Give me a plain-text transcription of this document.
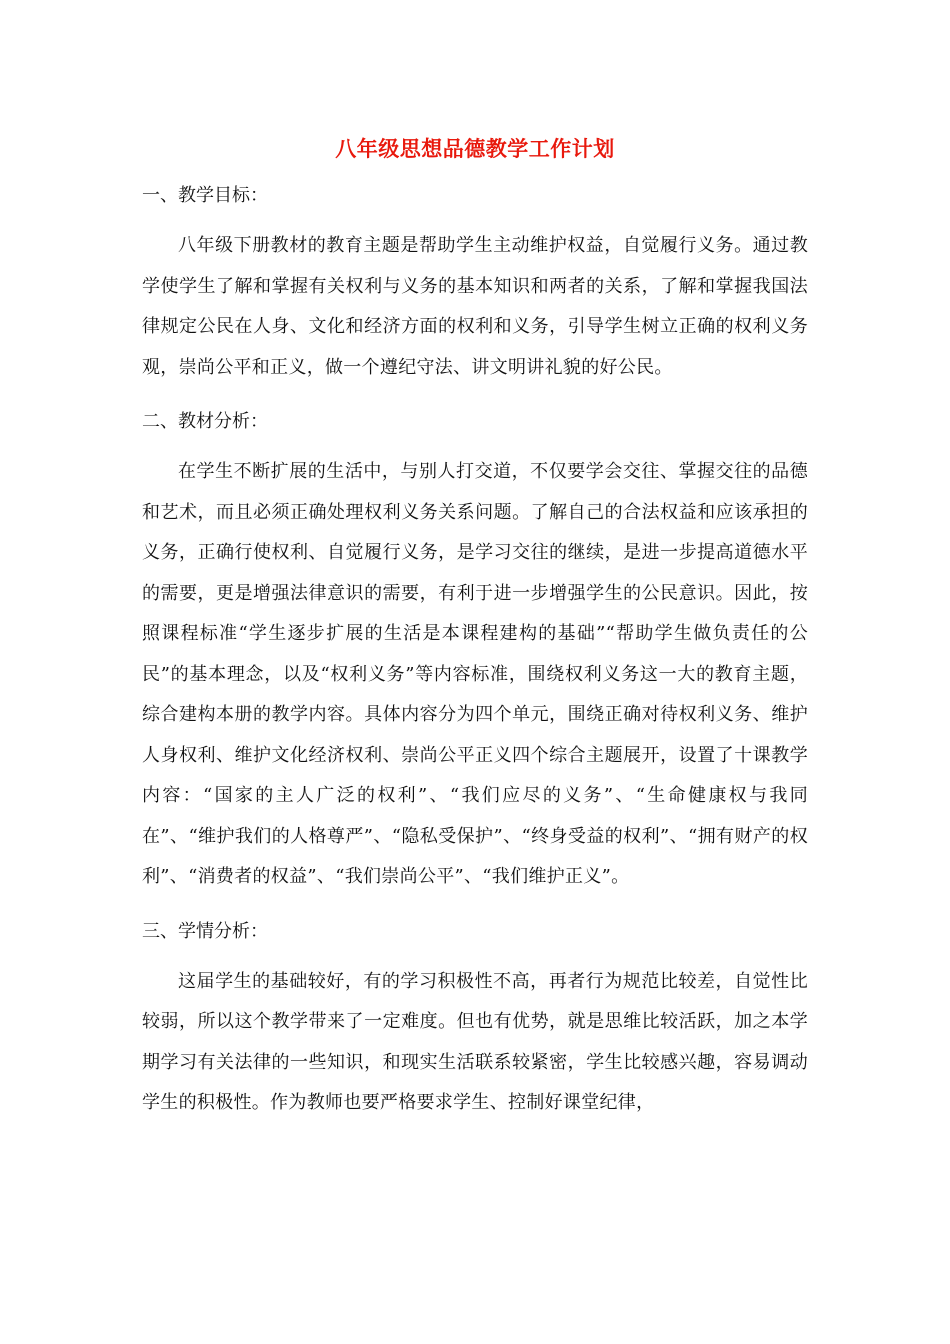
八年级思想品德教学工作计划

一、教学目标：

八年级下册教材的教育主题是帮助学生主动维护权益，自觉履行义务。通过教学使学生了解和掌握有关权利与义务的基本知识和两者的关系，了解和掌握我国法律规定公民在人身、文化和经济方面的权利和义务，引导学生树立正确的权利义务观，崇尚公平和正义，做一个遵纪守法、讲文明讲礼貌的好公民。

二、教材分析：

在学生不断扩展的生活中，与别人打交道，不仅要学会交往、掌握交往的品德和艺术，而且必须正确处理权利义务关系问题。了解自己的合法权益和应该承担的义务，正确行使权利、自觉履行义务，是学习交往的继续，是进一步提高道德水平的需要，更是增强法律意识的需要，有利于进一步增强学生的公民意识。因此，按照课程标准“学生逐步扩展的生活是本课程建构的基础”“帮助学生做负责任的公民”的基本理念，以及“权利义务”等内容标准，围绕权利义务这一大的教育主题，综合建构本册的教学内容。具体内容分为四个单元，围绕正确对待权利义务、维护人身权利、维护文化经济权利、崇尚公平正义四个综合主题展开，设置了十课教学内容：“国家的主人广泛的权利”、“我们应尽的义务”、“生命健康权与我同在”、“维护我们的人格尊严”、“隐私受保护”、“终身受益的权利”、“拥有财产的权利”、“消费者的权益”、“我们崇尚公平”、“我们维护正义”。

三、学情分析：

这届学生的基础较好，有的学习积极性不高，再者行为规范比较差，自觉性比较弱，所以这个教学带来了一定难度。但也有优势，就是思维比较活跃，加之本学期学习有关法律的一些知识，和现实生活联系较紧密，学生比较感兴趣，容易调动学生的积极性。作为教师也要严格要求学生、控制好课堂纪律，
